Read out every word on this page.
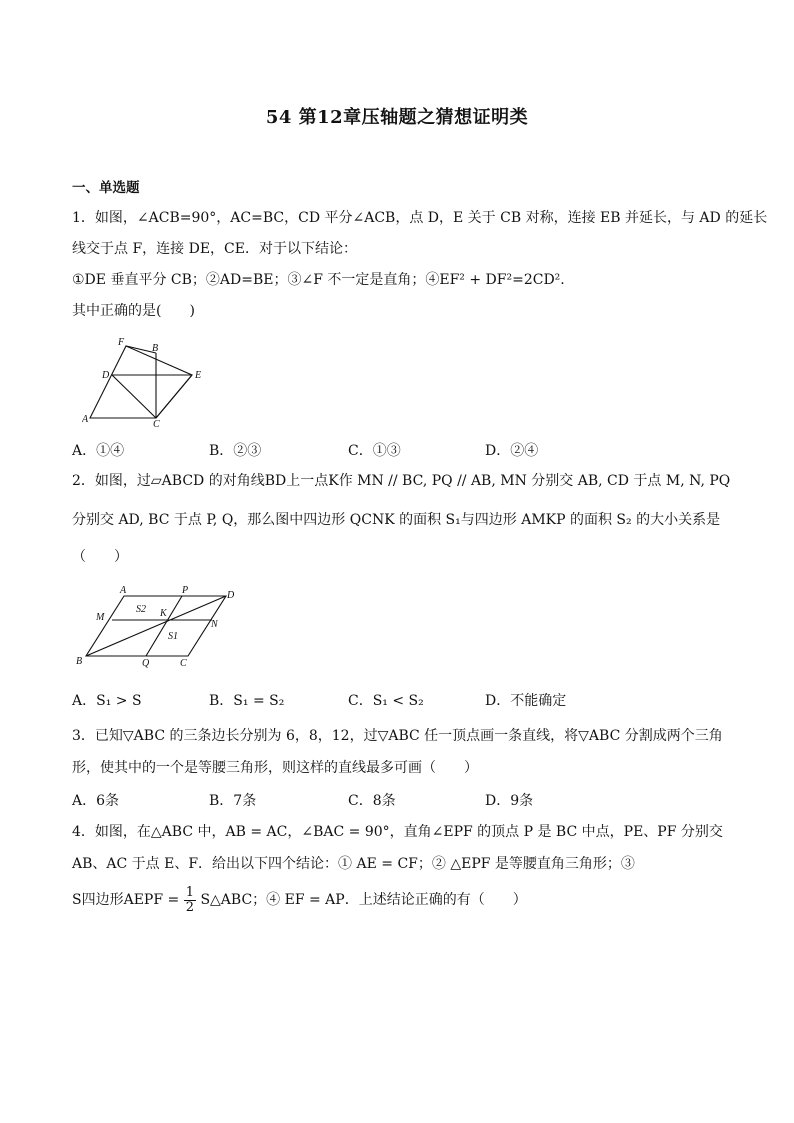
54 第12章压轴题之猜想证明类
一、单选题
1．如图，∠ACB=90°，AC=BC，CD 平分∠ACB，点 D，E 关于 CB 对称，连接 EB 并延长，与 AD 的延长
线交于点 F，连接 DE，CE．对于以下结论：
①DE 垂直平分 CB；②AD=BE；③∠F 不一定是直角；④EF² + DF²=2CD².
其中正确的是(　　)
F
B
D	E
A	C
A．①④	B．②③	C．①③	D．②④
2．如图，过▱ABCD 的对角线BD上一点K作 MN // BC, PQ // AB, MN 分别交 AB, CD 于点 M, N, PQ
分别交 AD, BC 于点 P, Q，那么图中四边形 QCNK 的面积 S₁与四边形 AMKP 的面积 S₂ 的大小关系是
（　　）
A	P	D
M
S2 K
N
S1
B	Q	C
A．S₁ > S	B．S₁ = S₂	C．S₁ < S₂	D．不能确定
3．已知▽ABC 的三条边长分别为 6，8，12，过▽ABC 任一顶点画一条直线，将▽ABC 分割成两个三角
形，使其中的一个是等腰三角形，则这样的直线最多可画（　　）
A．6条	B．7条	C．8条	D．9条
4．如图，在△ABC 中，AB = AC，∠BAC = 90°，直角∠EPF 的顶点 P 是 BC 中点，PE、PF 分别交
AB、AC 于点 E、F．给出以下四个结论：① AE = CF；② △EPF 是等腰直角三角形；③
S四边形AEPF = $\frac{1}{2}$ S△ABC；④ EF = AP．上述结论正确的有（　　）
